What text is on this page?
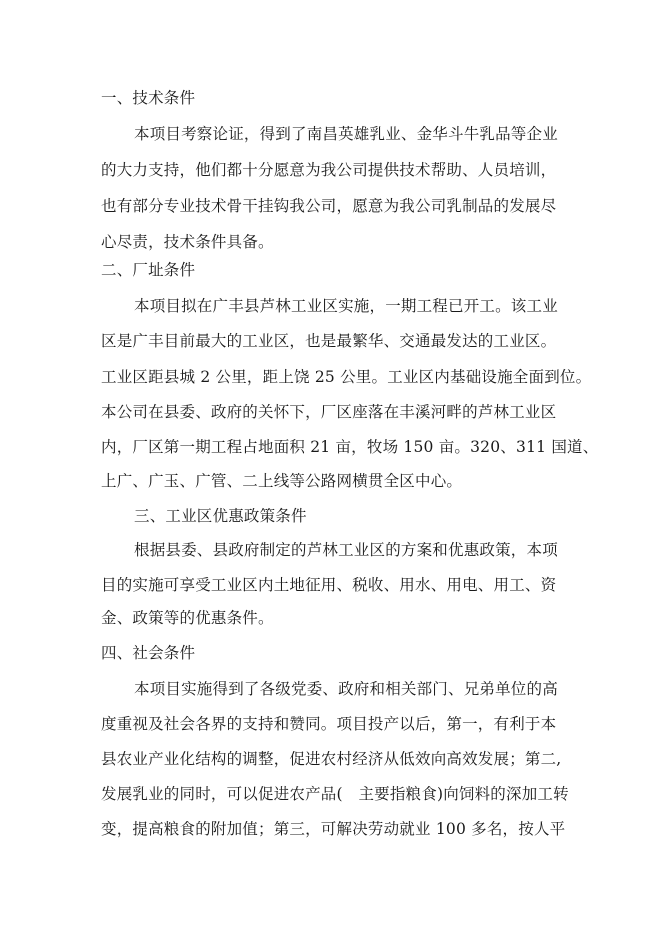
一、技术条件
本项目考察论证，得到了南昌英雄乳业、金华斗牛乳品等企业
的大力支持，他们都十分愿意为我公司提供技术帮助、人员培训，
也有部分专业技术骨干挂钩我公司，愿意为我公司乳制品的发展尽
心尽责，技术条件具备。
二、厂址条件
本项目拟在广丰县芦林工业区实施，一期工程已开工。该工业
区是广丰目前最大的工业区，也是最繁华、交通最发达的工业区。
工业区距县城 2 公里，距上饶 25 公里。工业区内基础设施全面到位。
本公司在县委、政府的关怀下，厂区座落在丰溪河畔的芦林工业区
内，厂区第一期工程占地面积 21 亩，牧场 150 亩。320、311 国道、
上广、广玉、广管、二上线等公路网横贯全区中心。
三、工业区优惠政策条件
根据县委、县政府制定的芦林工业区的方案和优惠政策，本项
目的实施可享受工业区内土地征用、税收、用水、用电、用工、资
金、政策等的优惠条件。
四、社会条件
本项目实施得到了各级党委、政府和相关部门、兄弟单位的高
度重视及社会各界的支持和赞同。项目投产以后，第一，有利于本
县农业产业化结构的调整，促进农村经济从低效向高效发展；第二,
发展乳业的同时，可以促进农产品(　主要指粮食)向饲料的深加工转
变，提高粮食的附加值；第三，可解决劳动就业 100 多名，按人平
